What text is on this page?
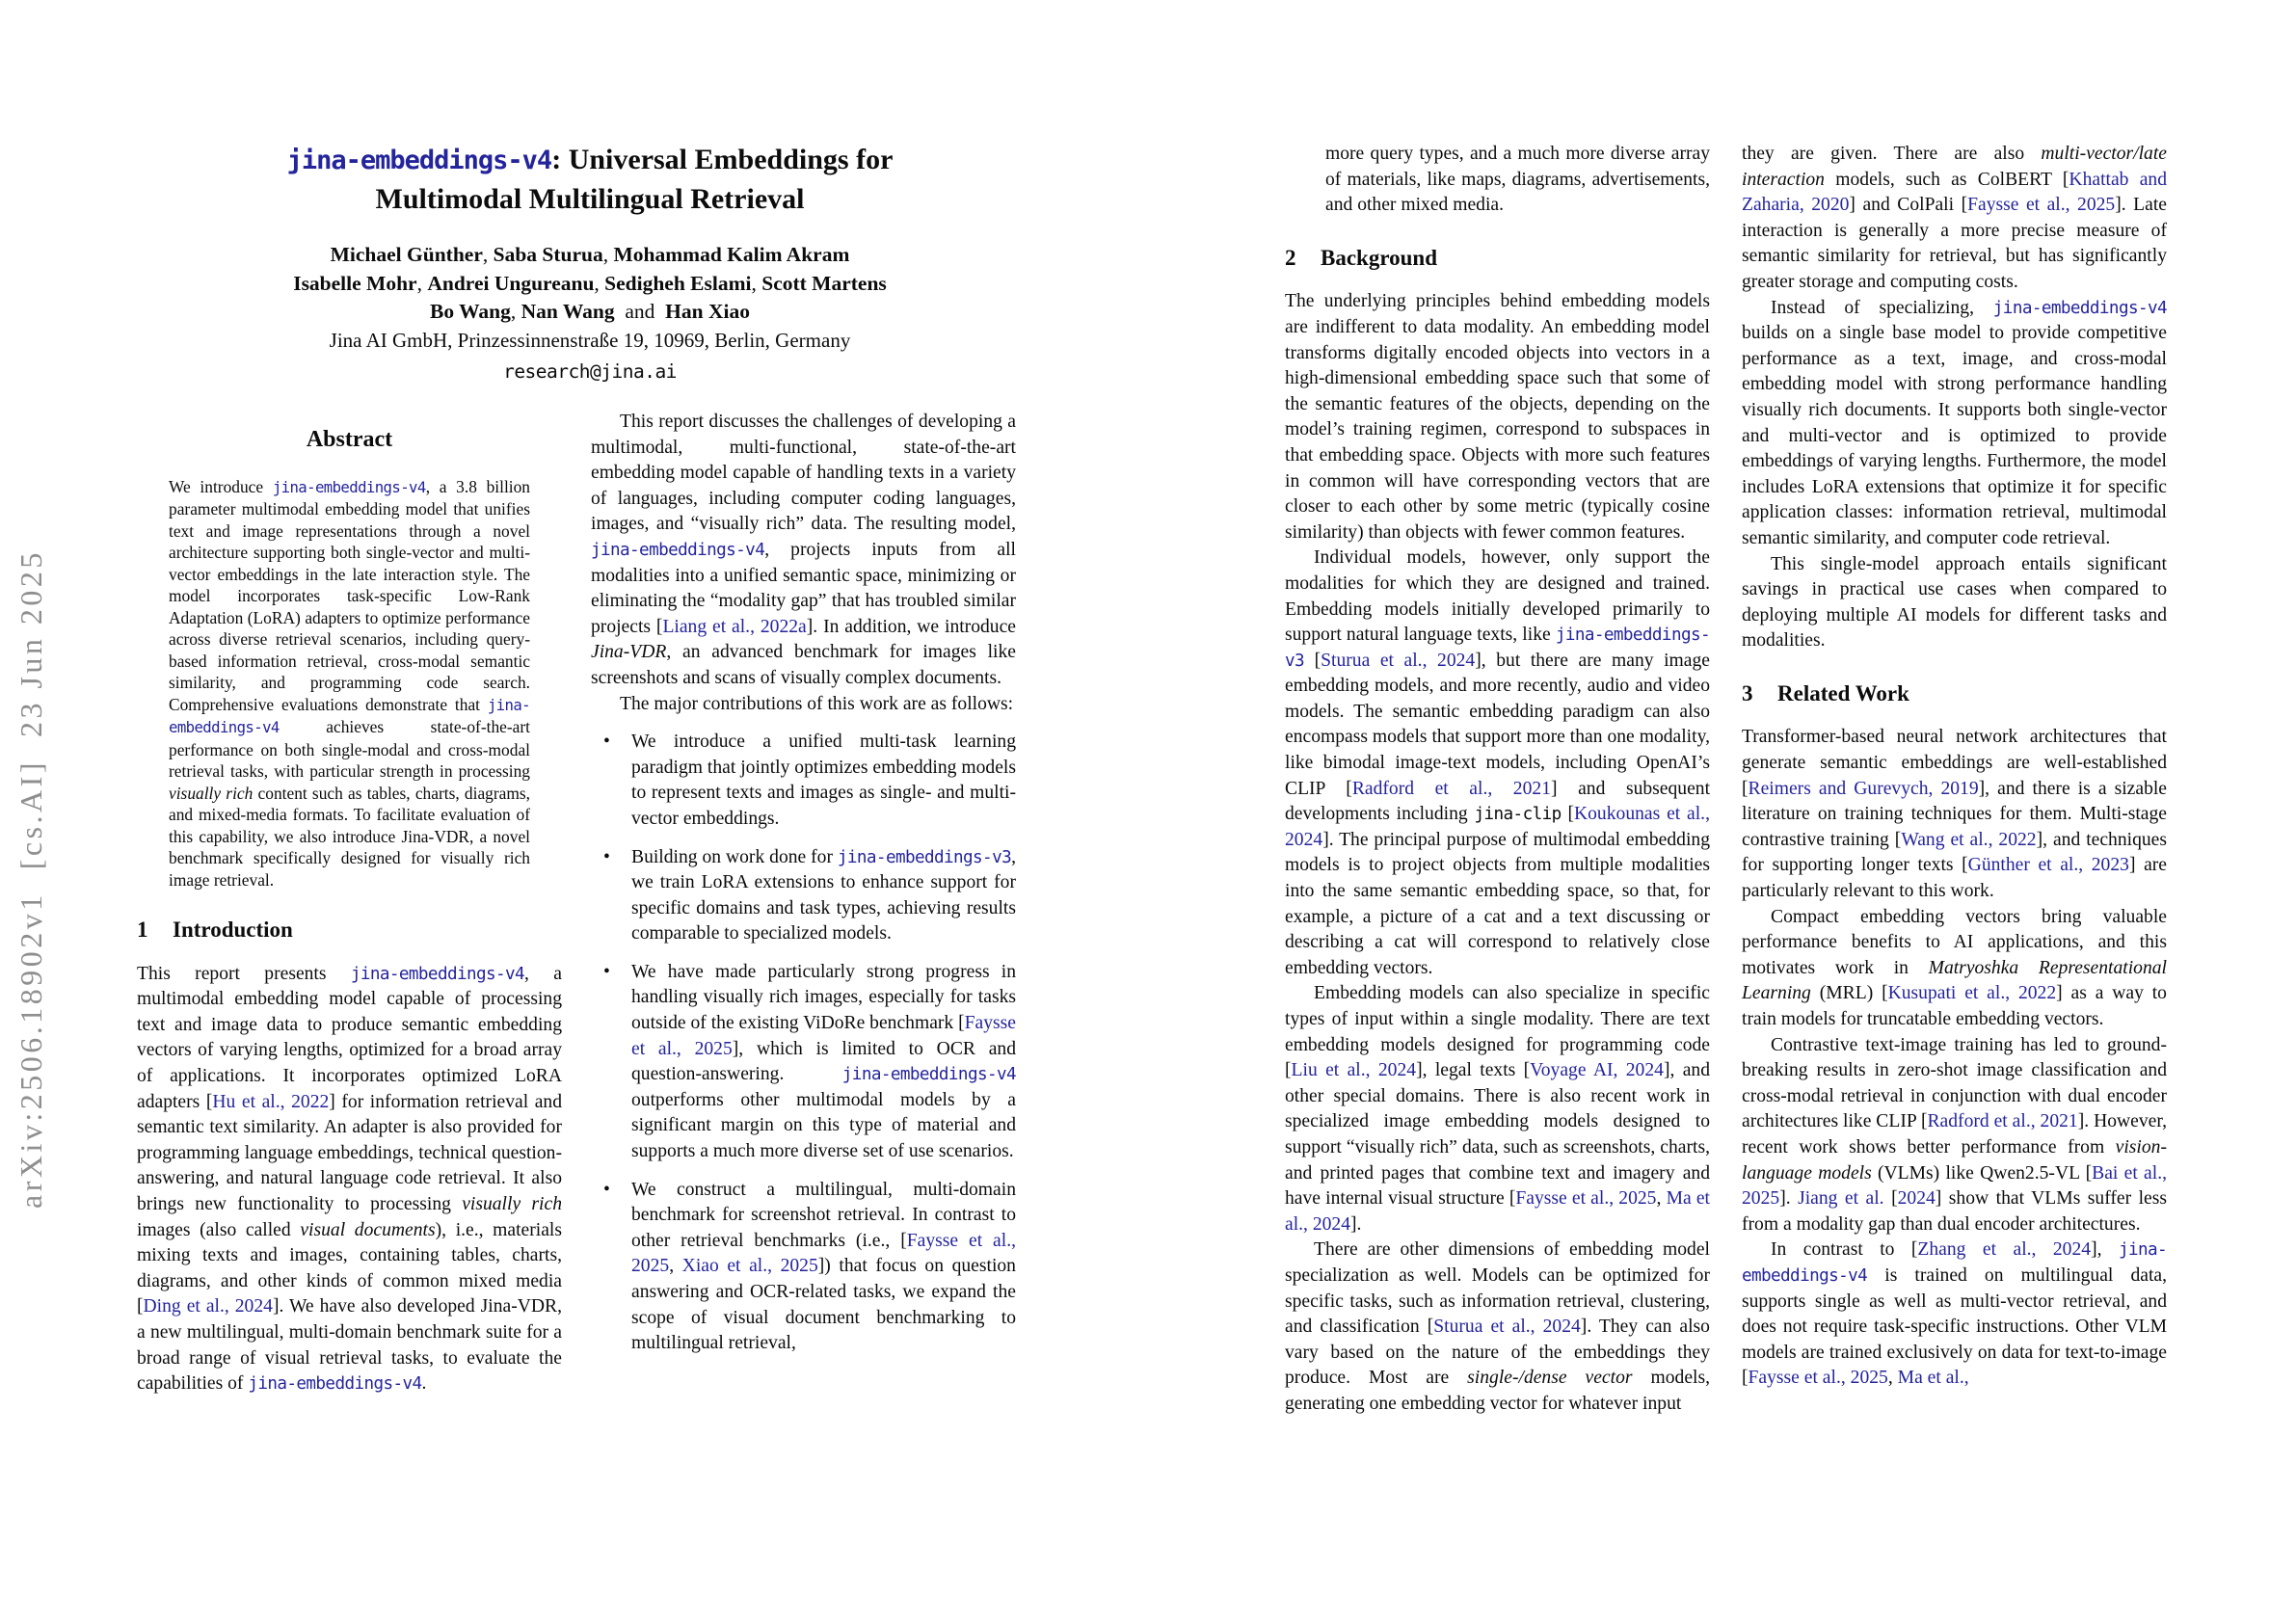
arXiv:2506.18902v1  [cs.AI]  23 Jun 2025
jina-embeddings-v4: Universal Embeddings for
Multimodal Multilingual Retrieval
Michael Günther, Saba Sturua, Mohammad Kalim Akram
Isabelle Mohr, Andrei Ungureanu, Sedigheh Eslami, Scott Martens
Bo Wang, Nan Wang and Han Xiao
Jina AI GmbH, Prinzessinnenstraße 19, 10969, Berlin, Germany
research@jina.ai
Abstract

We introduce jina-embeddings-v4, a 3.8 billion parameter multimodal embedding model that unifies text and image representations through a novel architecture supporting both single-vector and multi-vector embeddings in the late interaction style. The model incorporates task-specific Low-Rank Adaptation (LoRA) adapters to optimize performance across diverse retrieval scenarios, including query-based information retrieval, cross-modal semantic similarity, and programming code search. Comprehensive evaluations demonstrate that jina-embeddings-v4 achieves state-of-the-art performance on both single-modal and cross-modal retrieval tasks, with particular strength in processing visually rich content such as tables, charts, diagrams, and mixed-media formats. To facilitate evaluation of this capability, we also introduce Jina-VDR, a novel benchmark specifically designed for visually rich image retrieval.

1 Introduction

This report presents jina-embeddings-v4, a multimodal embedding model capable of processing text and image data to produce semantic embedding vectors of varying lengths, optimized for a broad array of applications. It incorporates optimized LoRA adapters [Hu et al., 2022] for information retrieval and semantic text similarity. An adapter is also provided for programming language embeddings, technical question-answering, and natural language code retrieval. It also brings new functionality to processing visually rich images (also called visual documents), i.e., materials mixing texts and images, containing tables, charts, diagrams, and other kinds of common mixed media [Ding et al., 2024]. We have also developed Jina-VDR, a new multilingual, multi-domain benchmark suite for a broad range of visual retrieval tasks, to evaluate the capabilities of jina-embeddings-v4.

This report discusses the challenges of developing a multimodal, multi-functional, state-of-the-art embedding model capable of handling texts in a variety of languages, including computer coding languages, images, and “visually rich” data. The resulting model, jina-embeddings-v4, projects inputs from all modalities into a unified semantic space, minimizing or eliminating the “modality gap” that has troubled similar projects [Liang et al., 2022a]. In addition, we introduce Jina-VDR, an advanced benchmark for images like screenshots and scans of visually complex documents.

The major contributions of this work are as follows:

•	We introduce a unified multi-task learning paradigm that jointly optimizes embedding models to represent texts and images as single- and multi-vector embeddings.
•	Building on work done for jina-embeddings-v3, we train LoRA extensions to enhance support for specific domains and task types, achieving results comparable to specialized models.
•	We have made particularly strong progress in handling visually rich images, especially for tasks outside of the existing ViDoRe benchmark [Faysse et al., 2025], which is limited to OCR and question-answering. jina-embeddings-v4 outperforms other multimodal models by a significant margin on this type of material and supports a much more diverse set of use scenarios.
•	We construct a multilingual, multi-domain benchmark for screenshot retrieval. In contrast to other retrieval benchmarks (i.e., [Faysse et al., 2025, Xiao et al., 2025]) that focus on question answering and OCR-related tasks, we expand the scope of visual document benchmarking to multilingual retrieval,

more query types, and a much more diverse array of materials, like maps, diagrams, advertisements, and other mixed media.

2 Background

The underlying principles behind embedding models are indifferent to data modality. An embedding model transforms digitally encoded objects into vectors in a high-dimensional embedding space such that some of the semantic features of the objects, depending on the model’s training regimen, correspond to subspaces in that embedding space. Objects with more such features in common will have corresponding vectors that are closer to each other by some metric (typically cosine similarity) than objects with fewer common features.

Individual models, however, only support the modalities for which they are designed and trained. Embedding models initially developed primarily to support natural language texts, like jina-embeddings-v3 [Sturua et al., 2024], but there are many image embedding models, and more recently, audio and video models. The semantic embedding paradigm can also encompass models that support more than one modality, like bimodal image-text models, including OpenAI’s CLIP [Radford et al., 2021] and subsequent developments including jina-clip [Koukounas et al., 2024]. The principal purpose of multimodal embedding models is to project objects from multiple modalities into the same semantic embedding space, so that, for example, a picture of a cat and a text discussing or describing a cat will correspond to relatively close embedding vectors.

Embedding models can also specialize in specific types of input within a single modality. There are text embedding models designed for programming code [Liu et al., 2024], legal texts [Voyage AI, 2024], and other special domains. There is also recent work in specialized image embedding models designed to support “visually rich” data, such as screenshots, charts, and printed pages that combine text and imagery and have internal visual structure [Faysse et al., 2025, Ma et al., 2024].

There are other dimensions of embedding model specialization as well. Models can be optimized for specific tasks, such as information retrieval, clustering, and classification [Sturua et al., 2024]. They can also vary based on the nature of the embeddings they produce. Most are single-/dense vector models, generating one embedding vector for whatever input

they are given. There are also multi-vector/late interaction models, such as ColBERT [Khattab and Zaharia, 2020] and ColPali [Faysse et al., 2025]. Late interaction is generally a more precise measure of semantic similarity for retrieval, but has significantly greater storage and computing costs.

Instead of specializing, jina-embeddings-v4 builds on a single base model to provide competitive performance as a text, image, and cross-modal embedding model with strong performance handling visually rich documents. It supports both single-vector and multi-vector and is optimized to provide embeddings of varying lengths. Furthermore, the model includes LoRA extensions that optimize it for specific application classes: information retrieval, multimodal semantic similarity, and computer code retrieval.

This single-model approach entails significant savings in practical use cases when compared to deploying multiple AI models for different tasks and modalities.

3 Related Work

Transformer-based neural network architectures that generate semantic embeddings are well-established [Reimers and Gurevych, 2019], and there is a sizable literature on training techniques for them. Multi-stage contrastive training [Wang et al., 2022], and techniques for supporting longer texts [Günther et al., 2023] are particularly relevant to this work.

Compact embedding vectors bring valuable performance benefits to AI applications, and this motivates work in Matryoshka Representational Learning (MRL) [Kusupati et al., 2022] as a way to train models for truncatable embedding vectors.

Contrastive text-image training has led to ground-breaking results in zero-shot image classification and cross-modal retrieval in conjunction with dual encoder architectures like CLIP [Radford et al., 2021]. However, recent work shows better performance from vision-language models (VLMs) like Qwen2.5-VL [Bai et al., 2025]. Jiang et al. [2024] show that VLMs suffer less from a modality gap than dual encoder architectures.

In contrast to [Zhang et al., 2024], jina-embeddings-v4 is trained on multilingual data, supports single as well as multi-vector retrieval, and does not require task-specific instructions. Other VLM models are trained exclusively on data for text-to-image [Faysse et al., 2025, Ma et al.,
